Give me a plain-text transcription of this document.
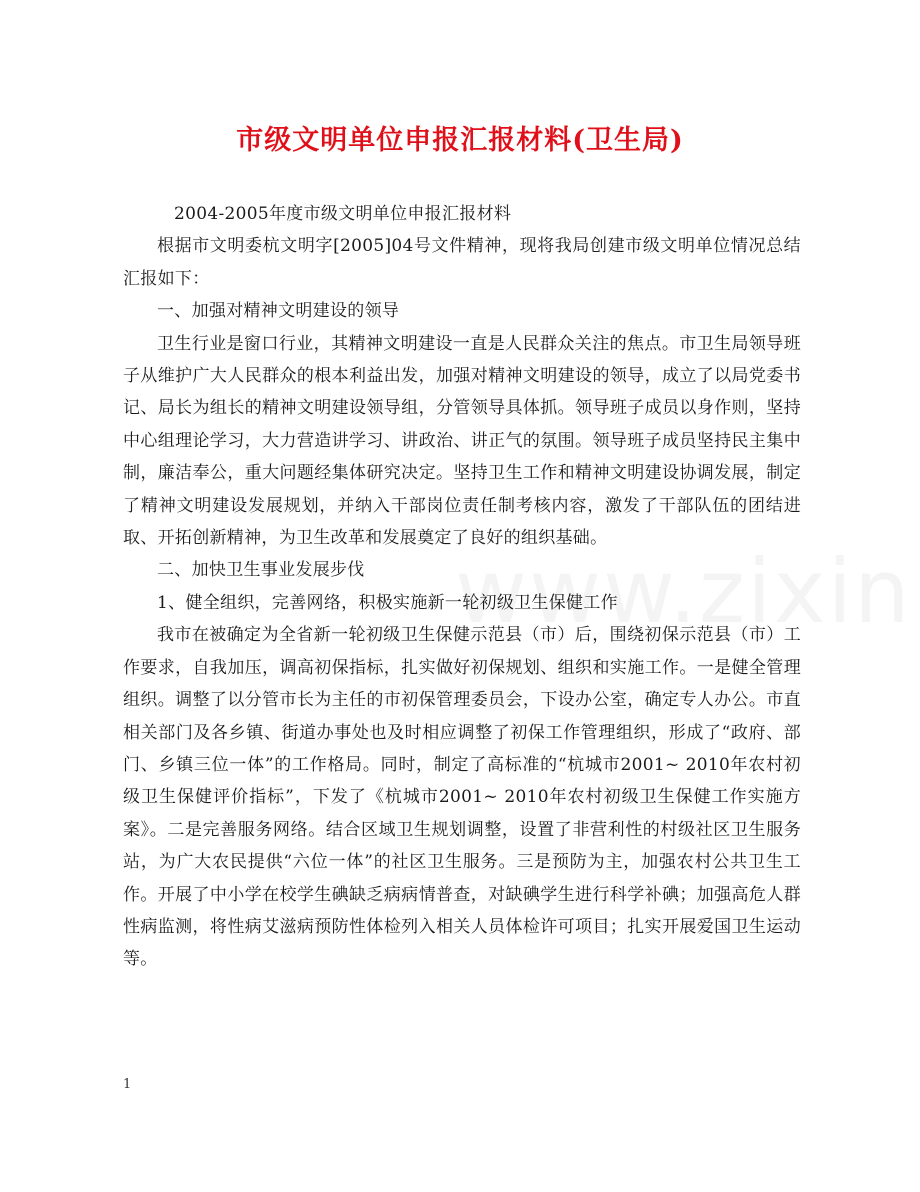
市级文明单位申报汇报材料(卫生局)

2004-2005年度市级文明单位申报汇报材料

根据市文明委杭文明字[2005]04号文件精神，现将我局创建市级文明单位情况总结汇报如下：

一、加强对精神文明建设的领导

卫生行业是窗口行业，其精神文明建设一直是人民群众关注的焦点。市卫生局领导班子从维护广大人民群众的根本利益出发，加强对精神文明建设的领导，成立了以局党委书记、局长为组长的精神文明建设领导组，分管领导具体抓。领导班子成员以身作则，坚持中心组理论学习，大力营造讲学习、讲政治、讲正气的氛围。领导班子成员坚持民主集中制，廉洁奉公，重大问题经集体研究决定。坚持卫生工作和精神文明建设协调发展，制定了精神文明建设发展规划，并纳入干部岗位责任制考核内容，激发了干部队伍的团结进取、开拓创新精神，为卫生改革和发展奠定了良好的组织基础。

二、加快卫生事业发展步伐

1、健全组织，完善网络，积极实施新一轮初级卫生保健工作

我市在被确定为全省新一轮初级卫生保健示范县（市）后，围绕初保示范县（市）工作要求，自我加压，调高初保指标，扎实做好初保规划、组织和实施工作。一是健全管理组织。调整了以分管市长为主任的市初保管理委员会，下设办公室，确定专人办公。市直相关部门及各乡镇、街道办事处也及时相应调整了初保工作管理组织，形成了“政府、部门、乡镇三位一体”的工作格局。同时，制定了高标准的“杭城市2001~ 2010年农村初级卫生保健评价指标”，下发了《杭城市2001~ 2010年农村初级卫生保健工作实施方案》。二是完善服务网络。结合区域卫生规划调整，设置了非营利性的村级社区卫生服务站，为广大农民提供“六位一体”的社区卫生服务。三是预防为主，加强农村公共卫生工作。开展了中小学在校学生碘缺乏病病情普查，对缺碘学生进行科学补碘；加强高危人群性病监测，将性病艾滋病预防性体检列入相关人员体检许可项目；扎实开展爱国卫生运动等。

1
